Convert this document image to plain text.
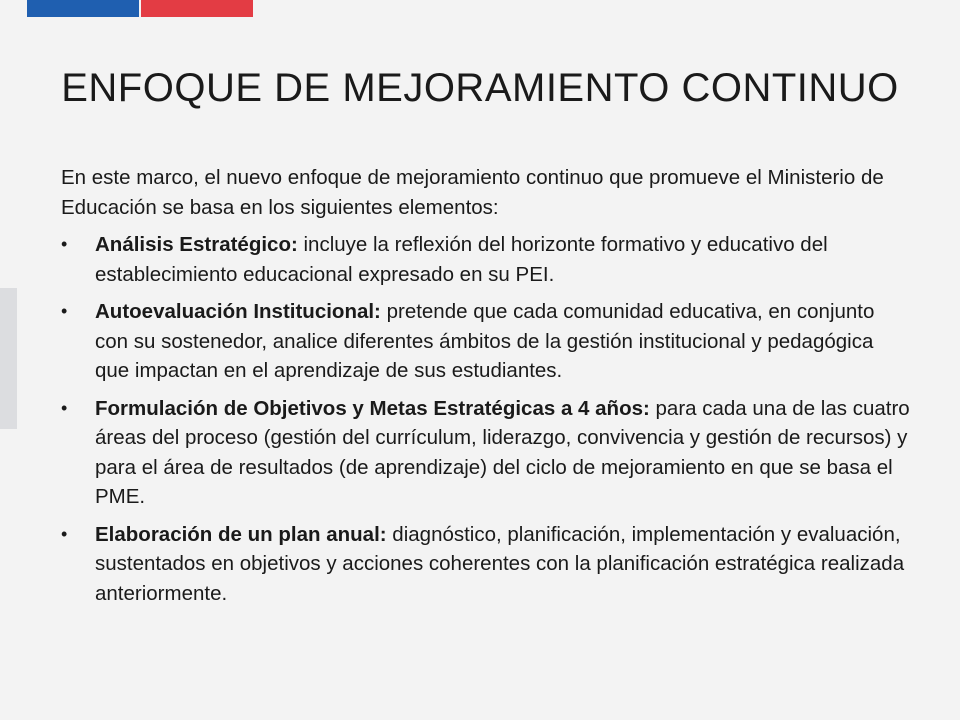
ENFOQUE DE MEJORAMIENTO CONTINUO

En este marco, el nuevo enfoque de mejoramiento continuo que promueve el Ministerio de Educación se basa en los siguientes elementos:

• Análisis Estratégico: incluye la reflexión del horizonte formativo y educativo del establecimiento educacional expresado en su PEI.
• Autoevaluación Institucional: pretende que cada comunidad educativa, en conjunto con su sostenedor, analice diferentes ámbitos de la gestión institucional y pedagógica que impactan en el aprendizaje de sus estudiantes.
• Formulación de Objetivos y Metas Estratégicas a 4 años: para cada una de las cuatro áreas del proceso (gestión del currículum, liderazgo, convivencia y gestión de recursos) y para el área de resultados (de aprendizaje) del ciclo de mejoramiento en que se basa el PME.
• Elaboración de un plan anual: diagnóstico, planificación, implementación y evaluación, sustentados en objetivos y acciones coherentes con la planificación estratégica realizada anteriormente.
